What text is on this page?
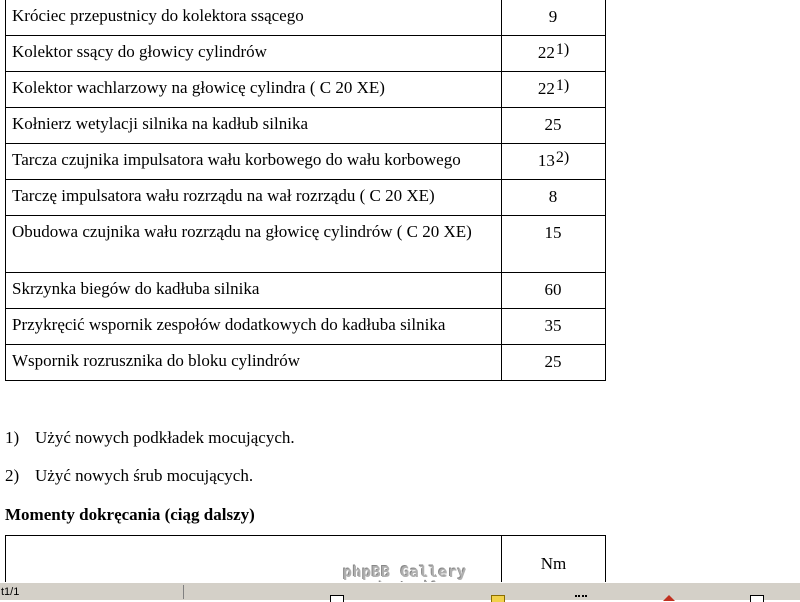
Króciec przepustnicy do kolektora ssącego	9
Kolektor ssący do głowicy cylindrów	22$^{1)}$
Kolektor wachlarzowy na głowicę cylindra ( C 20 XE)	22$^{1)}$
Kołnierz wetylacji silnika na kadłub silnika	25
Tarcza czujnika impulsatora wału korbowego do wału korbowego	13$^{2)}$
Tarczę impulsatora wału rozrządu na wał rozrządu ( C 20 XE)	8
Obudowa czujnika wału rozrządu na głowicę cylindrów ( C 20 XE)	15
Skrzynka biegów do kadłuba silnika	60
Przykręcić wspornik zespołów dodatkowych do kadłuba silnika	35
Wspornik rozrusznika do bloku cylindrów	25
1) Użyć nowych podkładek mocujących.
2) Użyć nowych śrub mocujących.
Momenty dokręcania (ciąg dalszy)
	Nm
phpBB Gallery
t1/1
